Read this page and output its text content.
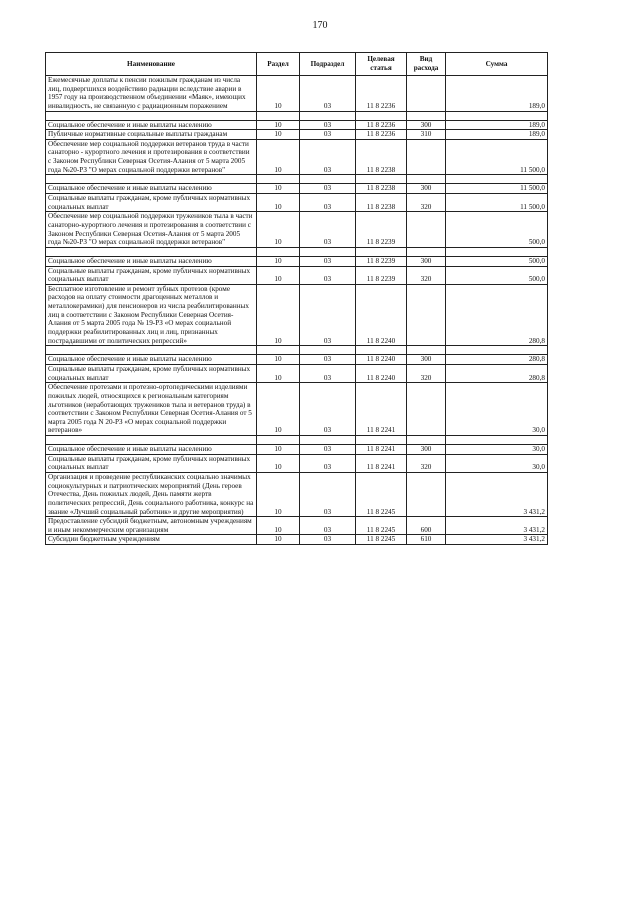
170
Наименование	Раздел	Подраздел	Целевая статья	Вид расхода	Сумма
Ежемесячные доплаты к пенсии пожилым гражданам из числа лиц, подвергшихся воздействию радиации вследствие аварии в 1957 году на производственном объединении «Маяк», имеющих инвалидность, не связанную с радиационным поражением	10	03	11 8 2236		189,0

Социальное обеспечение и иные выплаты населению	10	03	11 8 2236	300	189,0
Публичные нормативные социальные выплаты гражданам	10	03	11 8 2236	310	189,0
Обеспечение мер социальной поддержки ветеранов труда в части санаторно - курортного лечения и протезирования в соответствии с Законом Республики Северная Осетия-Алания от 5 марта 2005 года №20-РЗ "О мерах социальной поддержки ветеранов"	10	03	11 8 2238		11 500,0

Социальное обеспечение и иные выплаты населению	10	03	11 8 2238	300	11 500,0
Социальные выплаты гражданам, кроме публичных нормативных социальных выплат	10	03	11 8 2238	320	11 500,0
Обеспечение мер социальной поддержки тружеников тыла в части санаторно-курортного лечения и протезирования в соответствии с Законом Республики Северная Осетия-Алания от 5 марта 2005 года №20-РЗ "О мерах социальной поддержки ветеранов"	10	03	11 8 2239		500,0

Социальное обеспечение и иные выплаты населению	10	03	11 8 2239	300	500,0
Социальные выплаты гражданам, кроме публичных нормативных социальных выплат	10	03	11 8 2239	320	500,0
Бесплатное изготовление и ремонт зубных протезов (кроме расходов на оплату стоимости драгоценных металлов и металлокерамики) для пенсионеров из числа реабилитированных лиц в соответствии с Законом Республики Северная Осетия-Алания от 5 марта 2005 года № 19-РЗ «О мерах социальной поддержки реабилитированных лиц и лиц, признанных пострадавшими от политических репрессий»	10	03	11 8 2240		280,8

Социальное обеспечение и иные выплаты населению	10	03	11 8 2240	300	280,8
Социальные выплаты гражданам, кроме публичных нормативных социальных выплат	10	03	11 8 2240	320	280,8
Обеспечение протезами и протезно-ортопедическими изделиями пожилых людей, относящихся к региональным категориям льготников (неработающих тружеников тыла и ветеранов труда) в соответствии с Законом Республики Северная Осетия-Алания от 5 марта 2005 года N 20-РЗ «О мерах социальной поддержки ветеранов»	10	03	11 8 2241		30,0

Социальное обеспечение и иные выплаты населению	10	03	11 8 2241	300	30,0
Социальные выплаты гражданам, кроме публичных нормативных социальных выплат	10	03	11 8 2241	320	30,0
Организация и проведение республиканских социально значимых социокультурных и патриотических мероприятий (День героев Отечества, День пожилых людей, День памяти жертв политических репрессий, День социального работника, конкурс на звание «Лучший социальный работник» и другие мероприятия)	10	03	11 8 2245		3 431,2
Предоставление субсидий бюджетным, автономным учреждениям и иным некоммерческим организациям	10	03	11 8 2245	600	3 431,2
Субсидии бюджетным учреждениям	10	03	11 8 2245	610	3 431,2
